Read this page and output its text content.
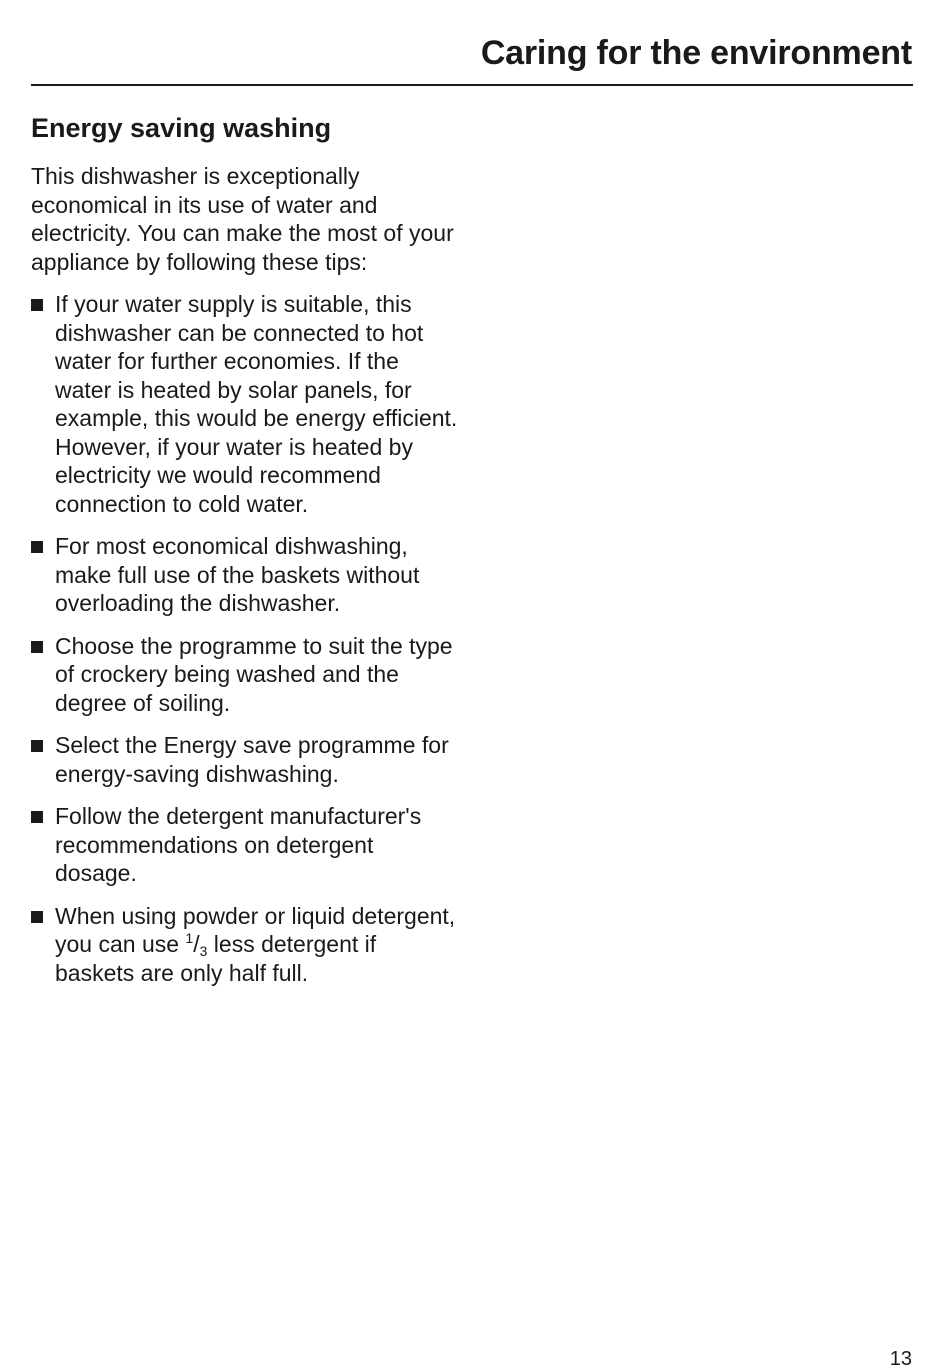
Caring for the environment
Energy saving washing

This dishwasher is exceptionally economical in its use of water and electricity. You can make the most of your appliance by following these tips:

If your water supply is suitable, this dishwasher can be connected to hot water for further economies. If the water is heated by solar panels, for example, this would be energy efficient.
However, if your water is heated by electricity we would recommend connection to cold water.
For most economical dishwashing, make full use of the baskets without overloading the dishwasher.
Choose the programme to suit the type of crockery being washed and the degree of soiling.
Select the Energy save programme for energy-saving dishwashing.
Follow the detergent manufacturer's recommendations on detergent dosage.
When using powder or liquid detergent, you can use $^1/_3$ less detergent if baskets are only half full.
13
